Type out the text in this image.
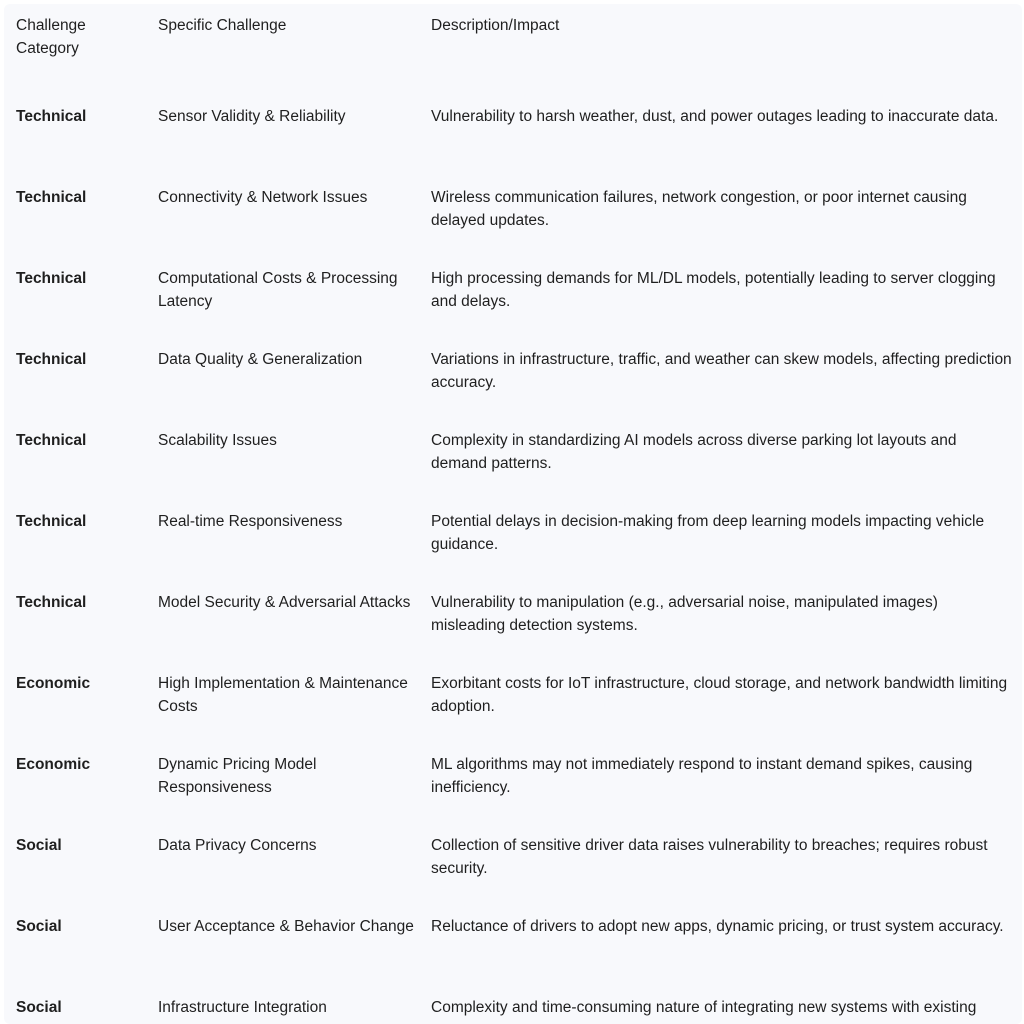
Challenge Category	Specific Challenge	Description/Impact
Technical	Sensor Validity & Reliability	Vulnerability to harsh weather, dust, and power outages leading to inaccurate data.
Technical	Connectivity & Network Issues	Wireless communication failures, network congestion, or poor internet causing delayed updates.
Technical	Computational Costs & Processing Latency	High processing demands for ML/DL models, potentially leading to server clogging and delays.
Technical	Data Quality & Generalization	Variations in infrastructure, traffic, and weather can skew models, affecting prediction accuracy.
Technical	Scalability Issues	Complexity in standardizing AI models across diverse parking lot layouts and demand patterns.
Technical	Real-time Responsiveness	Potential delays in decision-making from deep learning models impacting vehicle guidance.
Technical	Model Security & Adversarial Attacks	Vulnerability to manipulation (e.g., adversarial noise, manipulated images) misleading detection systems.
Economic	High Implementation & Maintenance Costs	Exorbitant costs for IoT infrastructure, cloud storage, and network bandwidth limiting adoption.
Economic	Dynamic Pricing Model Responsiveness	ML algorithms may not immediately respond to instant demand spikes, causing inefficiency.
Social	Data Privacy Concerns	Collection of sensitive driver data raises vulnerability to breaches; requires robust security.
Social	User Acceptance & Behavior Change	Reluctance of drivers to adopt new apps, dynamic pricing, or trust system accuracy.
Social	Infrastructure Integration	Complexity and time-consuming nature of integrating new systems with existing
